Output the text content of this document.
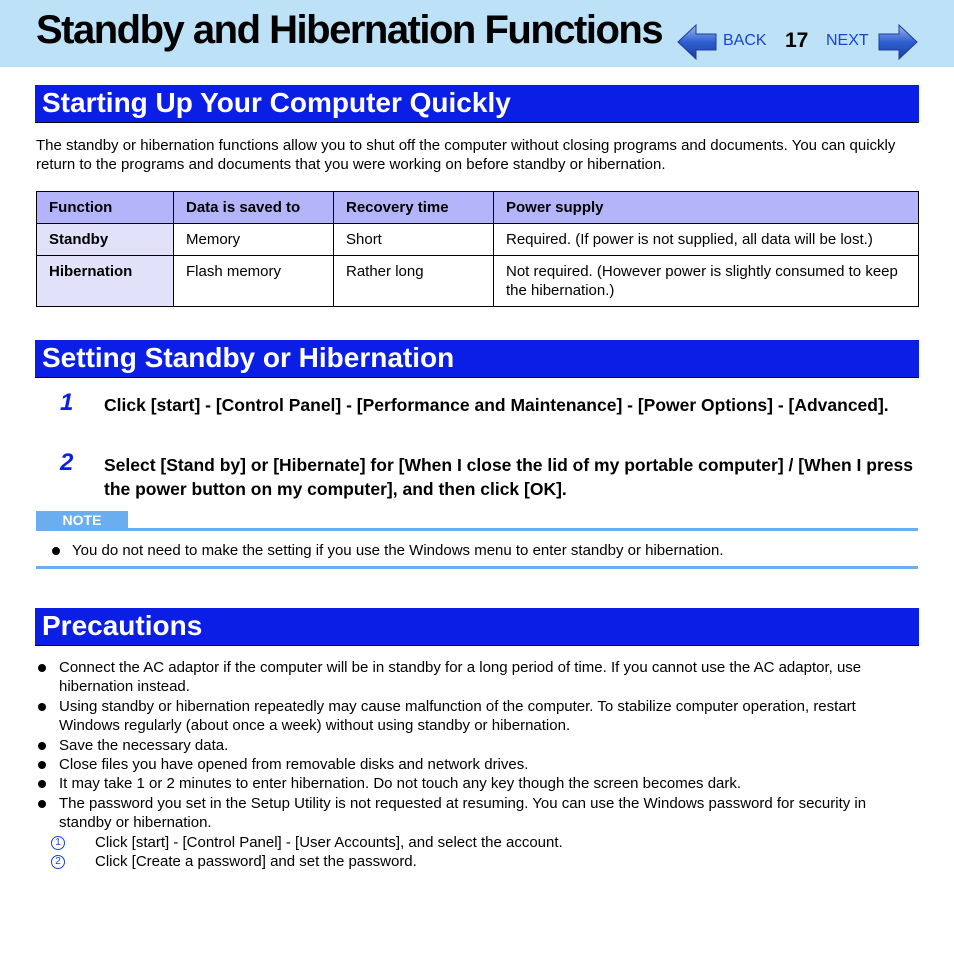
Standby and Hibernation Functions	BACK 17 NEXT
Starting Up Your Computer Quickly

The standby or hibernation functions allow you to shut off the computer without closing programs and documents. You can quickly return to the programs and documents that you were working on before standby or hibernation.

Function	Data is saved to	Recovery time	Power supply
Standby	Memory	Short	Required. (If power is not supplied, all data will be lost.)
Hibernation	Flash memory	Rather long	Not required. (However power is slightly consumed to keep the hibernation.)
Setting Standby or Hibernation
1 Click [start] - [Control Panel] - [Performance and Maintenance] - [Power Options] - [Advanced].

2 Select [Stand by] or [Hibernate] for [When I close the lid of my portable computer] / [When I press the power button on my computer], and then click [OK].

NOTE
You do not need to make the setting if you use the Windows menu to enter standby or hibernation.
Precautions
Connect the AC adaptor if the computer will be in standby for a long period of time. If you cannot use the AC adaptor, use hibernation instead.
Using standby or hibernation repeatedly may cause malfunction of the computer. To stabilize computer operation, restart Windows regularly (about once a week) without using standby or hibernation.
Save the necessary data.
Close files you have opened from removable disks and network drives.
It may take 1 or 2 minutes to enter hibernation. Do not touch any key though the screen becomes dark.
The password you set in the Setup Utility is not requested at resuming. You can use the Windows password for security in standby or hibernation.
1 Click [start] - [Control Panel] - [User Accounts], and select the account.
2 Click [Create a password] and set the password.
